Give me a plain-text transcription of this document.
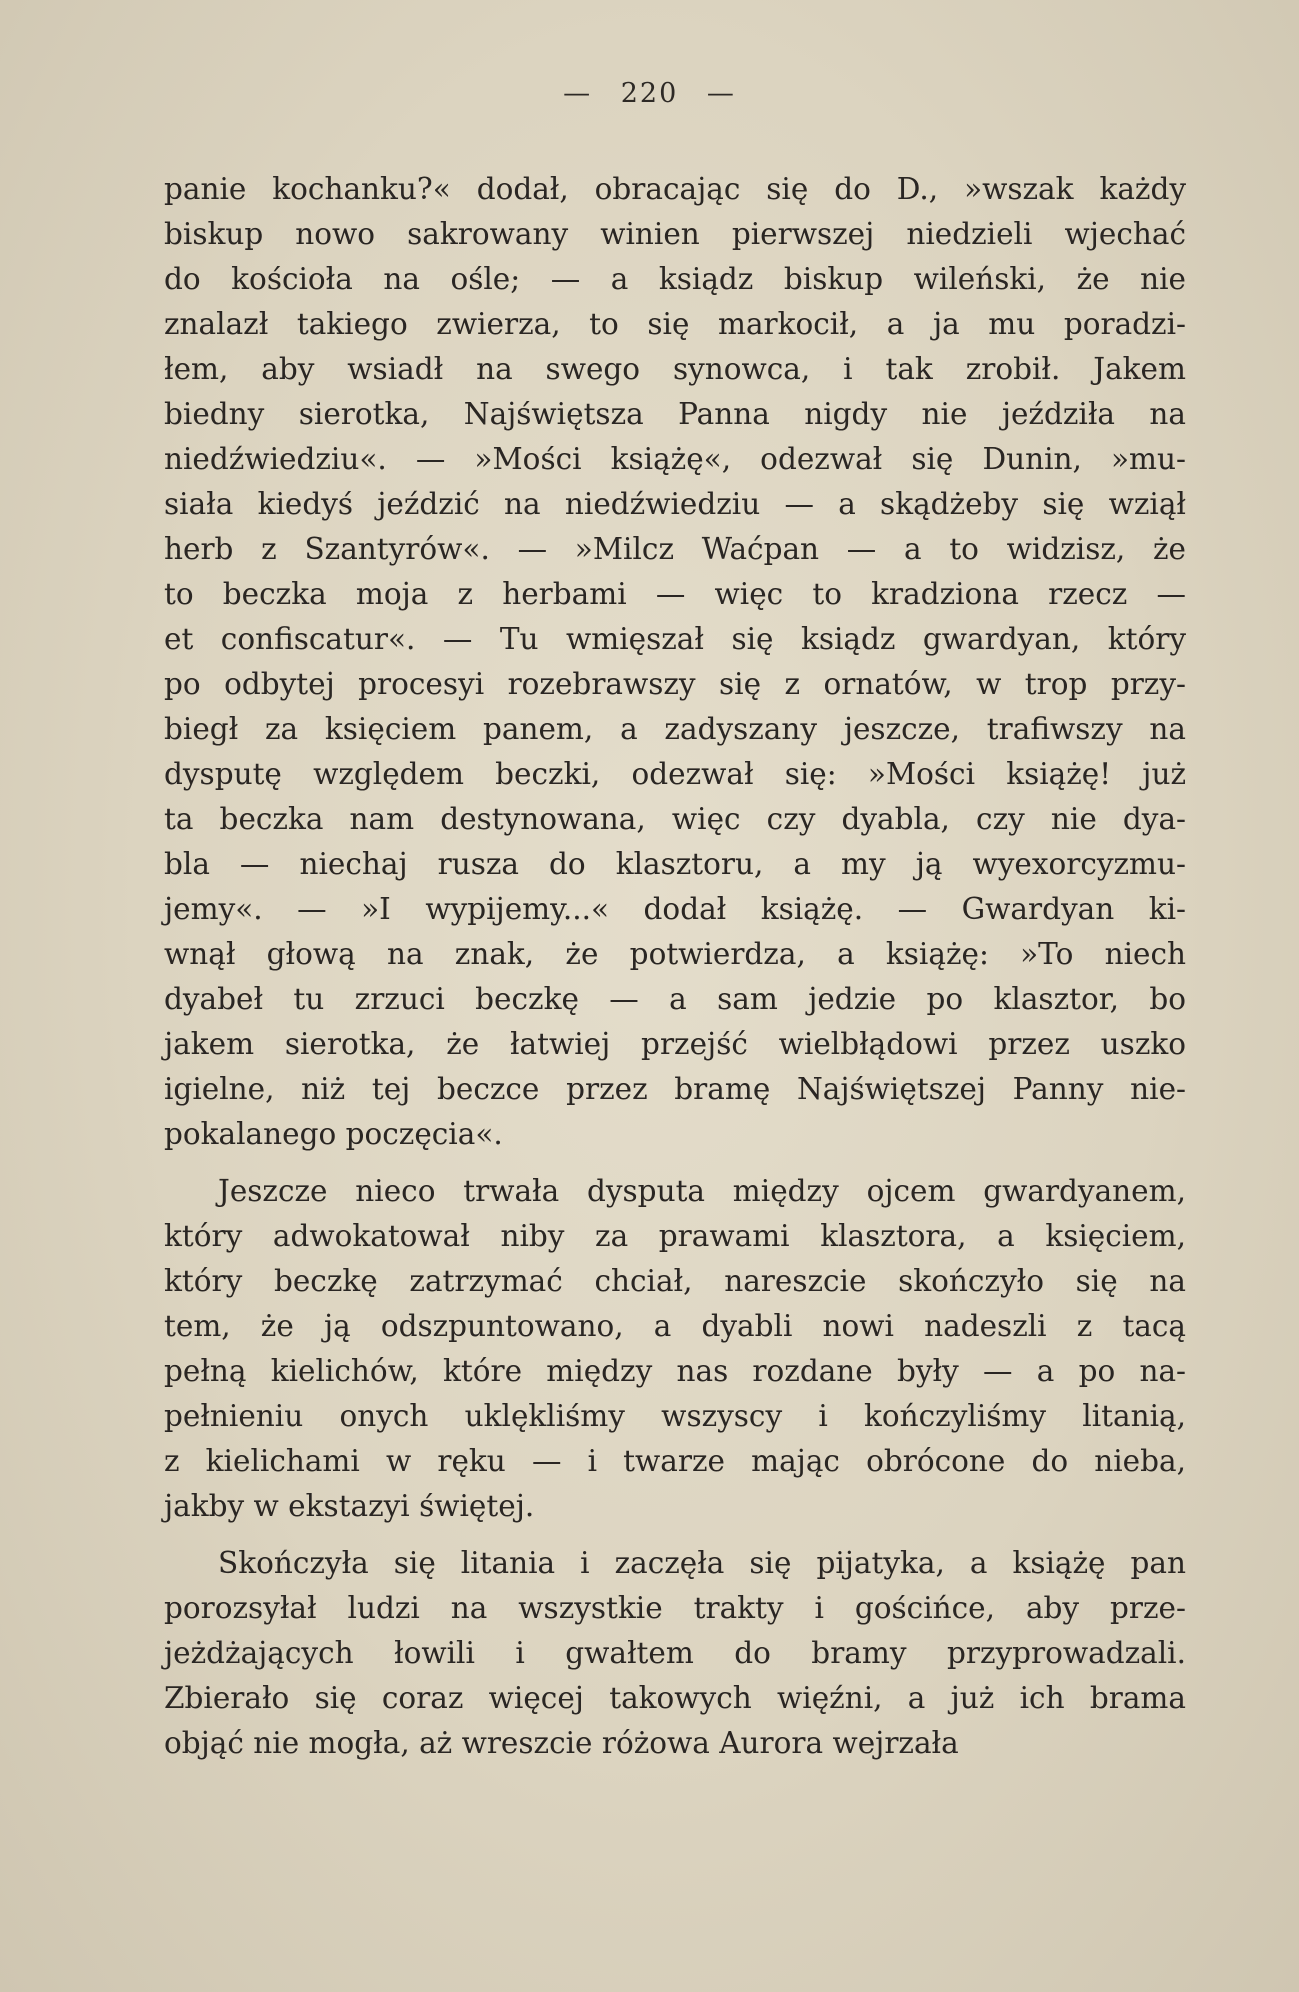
— 220 —
panie kochanku?« dodał, obracając się do D., »wszak każdy
biskup nowo sakrowany winien pierwszej niedzieli wjechać
do kościoła na ośle; — a ksiądz biskup wileński, że nie
znalazł takiego zwierza, to się markocił, a ja mu poradzi-
łem, aby wsiadł na swego synowca, i tak zrobił. Jakem
biedny sierotka, Najświętsza Panna nigdy nie jeździła na
niedźwiedziu«. — »Mości książę«, odezwał się Dunin, »mu-
siała kiedyś jeździć na niedźwiedziu — a skądżeby się wziął
herb z Szantyrów«. — »Milcz Waćpan — a to widzisz, że
to beczka moja z herbami — więc to kradziona rzecz —
et confiscatur«. — Tu wmięszał się ksiądz gwardyan, który
po odbytej procesyi rozebrawszy się z ornatów, w trop przy-
biegł za księciem panem, a zadyszany jeszcze, trafiwszy na
dysputę względem beczki, odezwał się: »Mości książę! już
ta beczka nam destynowana, więc czy dyabla, czy nie dya-
bla — niechaj rusza do klasztoru, a my ją wyexorcyzmu-
jemy«. — »I wypijemy...« dodał książę. — Gwardyan ki-
wnął głową na znak, że potwierdza, a książę: »To niech
dyabeł tu zrzuci beczkę — a sam jedzie po klasztor, bo
jakem sierotka, że łatwiej przejść wielbłądowi przez uszko
igielne, niż tej beczce przez bramę Najświętszej Panny nie-
pokalanego poczęcia«.
Jeszcze nieco trwała dysputa między ojcem gwardyanem,
który adwokatował niby za prawami klasztora, a księciem,
który beczkę zatrzymać chciał, nareszcie skończyło się na
tem, że ją odszpuntowano, a dyabli nowi nadeszli z tacą
pełną kielichów, które między nas rozdane były — a po na-
pełnieniu onych uklękliśmy wszyscy i kończyliśmy litanią,
z kielichami w ręku — i twarze mając obrócone do nieba,
jakby w ekstazyi świętej.
Skończyła się litania i zaczęła się pijatyka, a książę pan
porozsyłał ludzi na wszystkie trakty i gościńce, aby prze-
jeżdżających łowili i gwałtem do bramy przyprowadzali.
Zbierało się coraz więcej takowych więźni, a już ich brama
objąć nie mogła, aż wreszcie różowa Aurora wejrzała
